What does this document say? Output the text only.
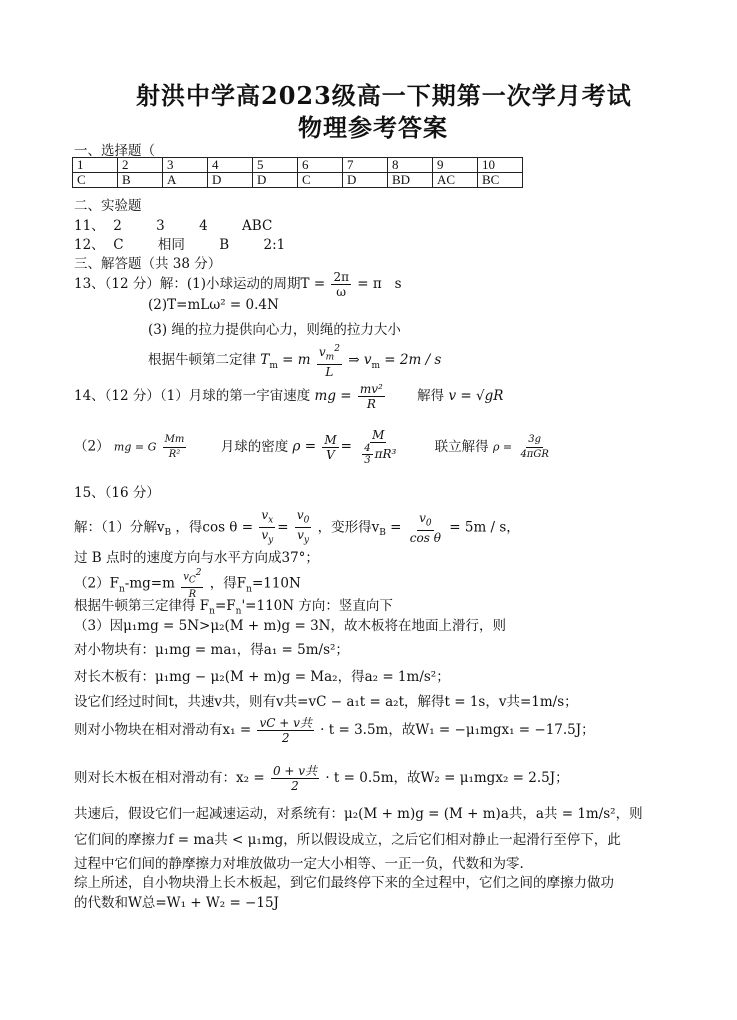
射洪中学高2023级高一下期第一次学月考试
物理参考答案
一、选择题（
1	2	3	4	5	6	7	8	9	10
C	B	A	D	D	C	D	BD	AC	BC
二、实验题
11、  2        3        4        ABC
12、  C        相同        B        2:1
三、解答题（共 38 分）
13、（12 分）解：(1)小球运动的周期$T = \frac{2\pi}{\omega} = \pi$   s
(2)T=mLω² = 0.4N
(3) 绳的拉力提供向心力，则绳的拉力大小
根据牛顿第二定律 $T_m = m \frac{v_m^2}{L}$ ⇒ $v_m = 2m / s$
14、（12 分）（1）月球的第一宇宙速度 mg = $\frac{\text{mv²}}{R}$ 解得 v = √gR
（2） mg = G $\frac{Mm}{\text{R²}}$	月球的密度 $\rho = \frac{M}{V} = \frac{M}{\frac{4}{3} \pi R^3}$	联立解得 $\rho = \frac{3g}{\text{4πGR}}$
15、（16 分）
解：（1）分解$v_B$ ，得$\cos \theta = \frac{v_x}{v_y} = \frac{v_0}{v_y}$ ，变形得$v_B = \frac{v_0}{\text{cos θ}} = 5m / s$，
过 B 点时的速度方向与水平方向成37°；
$(2)F_n-mg=m \frac{v_C^2}{R}$ ，得$F_n=110N$
根据牛顿第三定律得 $F_n=F_n'=110N$ 方向：竖直向下
（3）因μ₁mg = 5N>μ₂(M + m)g = 3N，故木板将在地面上滑行，则
对小物块有：μ₁mg = ma₁，得a₁ = 5m/s²；
对长木板有：μ₁mg − μ₂(M + m)g = Ma₂，得a₂ = 1m/s²；
设它们经过时间t，共速v共，则有v共=vC − a₁t = a₂t，解得t = 1s，v共=1m/s；
则对小物块在相对滑动有$x_1 = \frac{\text{vC + v共}}{2} \cdot t = 3.5m$，故W₁ = −μ₁mgx₁ = −17.5J；
则对长木板在相对滑动有：$x_2 = \frac{\text{0 + v共}}{2} \cdot t = 0.5m$，故W₂ = μ₁mgx₂ = 2.5J；
共速后，假设它们一起减速运动，对系统有：μ₂(M + m)g = (M + m)a共，a共 = 1m/s²，则
它们间的摩擦力f = ma共 < μ₁mg，所以假设成立，之后它们相对静止一起滑行至停下，此
过程中它们间的静摩擦力对堆放做功一定大小相等、一正一负，代数和为零.
综上所述，自小物块滑上长木板起，到它们最终停下来的全过程中，它们之间的摩擦力做功
的代数和W总=W₁ + W₂ = −15J
